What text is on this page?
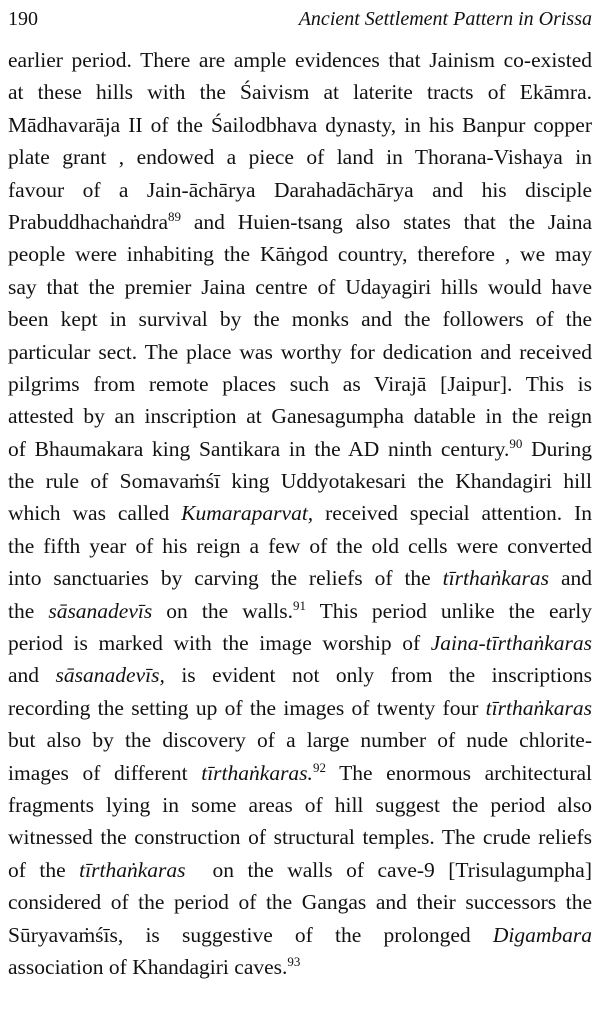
190	Ancient Settlement Pattern in Orissa
earlier period. There are ample evidences that Jainism co-existed
at these hills with the Śaivism at laterite tracts of Ekāmra.
Mādhavarāja II of the Śailodbhava dynasty, in his Banpur copper
plate grant , endowed a piece of land in Thorana-Vishaya in
favour of a Jain-āchārya Darahadāchārya and his disciple
Prabuddhachaṅdra$^{89}$ and Huien-tsang also states that the Jaina
people were inhabiting the Kāṅgod country, therefore , we may
say that the premier Jaina centre of Udayagiri hills would have
been kept in survival by the monks and the followers of the
particular sect. The place was worthy for dedication and received
pilgrims from remote places such as Virajā [Jaipur]. This is
attested by an inscription at Ganesagumpha datable in the reign
of Bhaumakara king Santikara in the AD ninth century.$^{90}$ During
the rule of Somavaṁśī king Uddyotakesari the Khandagiri hill
which was called Kumaraparvat, received special attention. In
the fifth year of his reign a few of the old cells were converted
into sanctuaries by carving the reliefs of the tīrthaṅkaras and
the sāsanadevīs on the walls.$^{91}$ This period unlike the early
period is marked with the image worship of Jaina-tīrthaṅkaras
and sāsanadevīs, is evident not only from the inscriptions
recording the setting up of the images of twenty four tīrthaṅkaras
but also by the discovery of a large number of nude chlorite-
images of different tīrthaṅkaras.$^{92}$ The enormous architectural
fragments lying in some areas of hill suggest the period also
witnessed the construction of structural temples. The crude reliefs
of the tīrthaṅkaras  on the walls of cave-9 [Trisulagumpha]
considered of the period of the Gangas and their successors the
Sūryavaṁśīs, is suggestive of the prolonged Digambara
association of Khandagiri caves.$^{93}$
